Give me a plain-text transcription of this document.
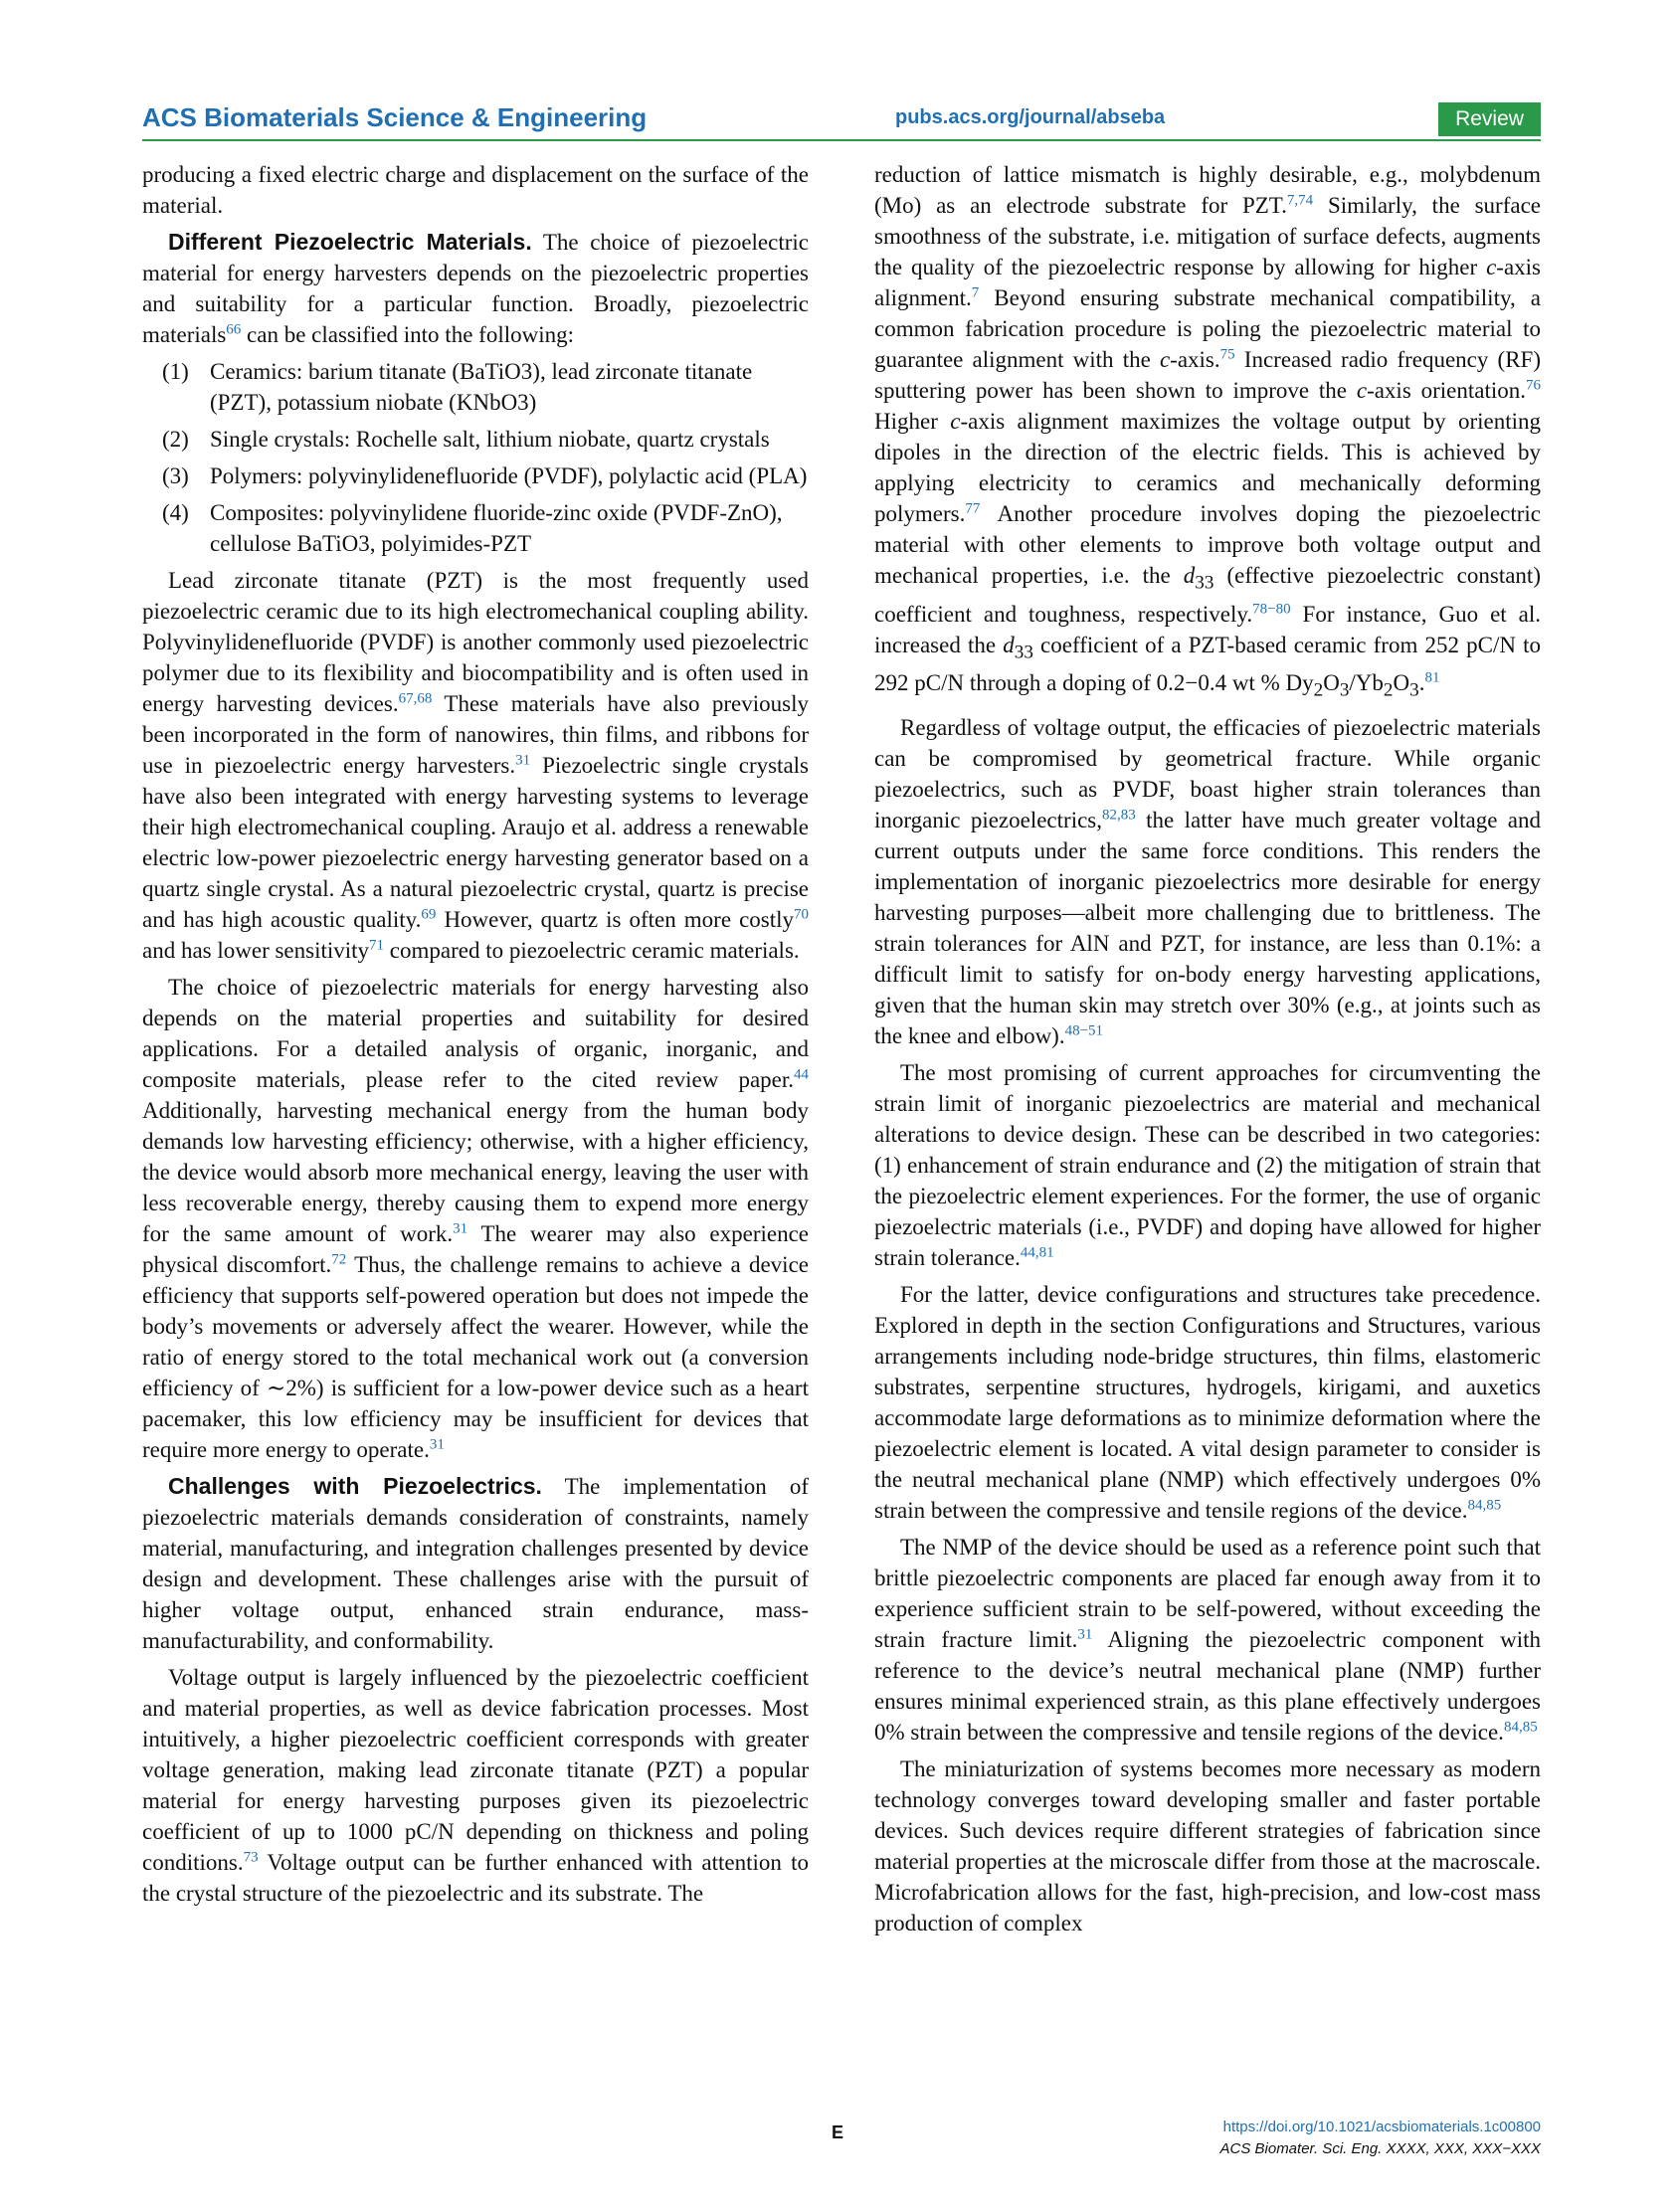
ACS Biomaterials Science & Engineering	pubs.acs.org/journal/abseba	Review

producing a fixed electric charge and displacement on the surface of the material.

Different Piezoelectric Materials. The choice of piezoelectric material for energy harvesters depends on the piezoelectric properties and suitability for a particular function. Broadly, piezoelectric materials$^{66}$ can be classified into the following:

(1) Ceramics: barium titanate (BaTiO3), lead zirconate titanate (PZT), potassium niobate (KNbO3)
(2) Single crystals: Rochelle salt, lithium niobate, quartz crystals
(3) Polymers: polyvinylidenefluoride (PVDF), polylactic acid (PLA)
(4) Composites: polyvinylidene fluoride-zinc oxide (PVDF-ZnO), cellulose BaTiO3, polyimides-PZT

Lead zirconate titanate (PZT) is the most frequently used piezoelectric ceramic due to its high electromechanical coupling ability. Polyvinylidenefluoride (PVDF) is another commonly used piezoelectric polymer due to its flexibility and biocompatibility and is often used in energy harvesting devices.$^{67,68}$ These materials have also previously been incorporated in the form of nanowires, thin films, and ribbons for use in piezoelectric energy harvesters.$^{31}$ Piezoelectric single crystals have also been integrated with energy harvesting systems to leverage their high electromechanical coupling. Araujo et al. address a renewable electric low-power piezoelectric energy harvesting generator based on a quartz single crystal. As a natural piezoelectric crystal, quartz is precise and has high acoustic quality.$^{69}$ However, quartz is often more costly$^{70}$ and has lower sensitivity$^{71}$ compared to piezoelectric ceramic materials.

The choice of piezoelectric materials for energy harvesting also depends on the material properties and suitability for desired applications. For a detailed analysis of organic, inorganic, and composite materials, please refer to the cited review paper.$^{44}$ Additionally, harvesting mechanical energy from the human body demands low harvesting efficiency; otherwise, with a higher efficiency, the device would absorb more mechanical energy, leaving the user with less recoverable energy, thereby causing them to expend more energy for the same amount of work.$^{31}$ The wearer may also experience physical discomfort.$^{72}$ Thus, the challenge remains to achieve a device efficiency that supports self-powered operation but does not impede the body’s movements or adversely affect the wearer. However, while the ratio of energy stored to the total mechanical work out (a conversion efficiency of ∼2%) is sufficient for a low-power device such as a heart pacemaker, this low efficiency may be insufficient for devices that require more energy to operate.$^{31}$

Challenges with Piezoelectrics. The implementation of piezoelectric materials demands consideration of constraints, namely material, manufacturing, and integration challenges presented by device design and development. These challenges arise with the pursuit of higher voltage output, enhanced strain endurance, mass-manufacturability, and conformability.

Voltage output is largely influenced by the piezoelectric coefficient and material properties, as well as device fabrication processes. Most intuitively, a higher piezoelectric coefficient corresponds with greater voltage generation, making lead zirconate titanate (PZT) a popular material for energy harvesting purposes given its piezoelectric coefficient of up to 1000 pC/N depending on thickness and poling conditions.$^{73}$ Voltage output can be further enhanced with attention to the crystal structure of the piezoelectric and its substrate. The

reduction of lattice mismatch is highly desirable, e.g., molybdenum (Mo) as an electrode substrate for PZT.$^{7,74}$ Similarly, the surface smoothness of the substrate, i.e. mitigation of surface defects, augments the quality of the piezoelectric response by allowing for higher c-axis alignment.$^7$ Beyond ensuring substrate mechanical compatibility, a common fabrication procedure is poling the piezoelectric material to guarantee alignment with the c-axis.$^{75}$ Increased radio frequency (RF) sputtering power has been shown to improve the c-axis orientation.$^{76}$ Higher c-axis alignment maximizes the voltage output by orienting dipoles in the direction of the electric fields. This is achieved by applying electricity to ceramics and mechanically deforming polymers.$^{77}$ Another procedure involves doping the piezoelectric material with other elements to improve both voltage output and mechanical properties, i.e. the $d_{33}$ (effective piezoelectric constant) coefficient and toughness, respectively.$^{78-80}$ For instance, Guo et al. increased the $d_{33}$ coefficient of a PZT-based ceramic from 252 pC/N to 292 pC/N through a doping of 0.2−0.4 wt % $Dy_2O_3/Yb_2O_3.^{81}$

Regardless of voltage output, the efficacies of piezoelectric materials can be compromised by geometrical fracture. While organic piezoelectrics, such as PVDF, boast higher strain tolerances than inorganic piezoelectrics,$^{82,83}$ the latter have much greater voltage and current outputs under the same force conditions. This renders the implementation of inorganic piezoelectrics more desirable for energy harvesting purposes—albeit more challenging due to brittleness. The strain tolerances for AlN and PZT, for instance, are less than 0.1%: a difficult limit to satisfy for on-body energy harvesting applications, given that the human skin may stretch over 30% (e.g., at joints such as the knee and elbow).$^{48-51}$

The most promising of current approaches for circumventing the strain limit of inorganic piezoelectrics are material and mechanical alterations to device design. These can be described in two categories: (1) enhancement of strain endurance and (2) the mitigation of strain that the piezoelectric element experiences. For the former, the use of organic piezoelectric materials (i.e., PVDF) and doping have allowed for higher strain tolerance.$^{44,81}$

For the latter, device configurations and structures take precedence. Explored in depth in the section Configurations and Structures, various arrangements including node-bridge structures, thin films, elastomeric substrates, serpentine structures, hydrogels, kirigami, and auxetics accommodate large deformations as to minimize deformation where the piezoelectric element is located. A vital design parameter to consider is the neutral mechanical plane (NMP) which effectively undergoes 0% strain between the compressive and tensile regions of the device.$^{84,85}$

The NMP of the device should be used as a reference point such that brittle piezoelectric components are placed far enough away from it to experience sufficient strain to be self-powered, without exceeding the strain fracture limit.$^{31}$ Aligning the piezoelectric component with reference to the device’s neutral mechanical plane (NMP) further ensures minimal experienced strain, as this plane effectively undergoes 0% strain between the compressive and tensile regions of the device.$^{84,85}$

The miniaturization of systems becomes more necessary as modern technology converges toward developing smaller and faster portable devices. Such devices require different strategies of fabrication since material properties at the microscale differ from those at the macroscale. Microfabrication allows for the fast, high-precision, and low-cost mass production of complex

E	https://doi.org/10.1021/acsbiomaterials.1c00800
ACS Biomater. Sci. Eng. XXXX, XXX, XXX−XXX
